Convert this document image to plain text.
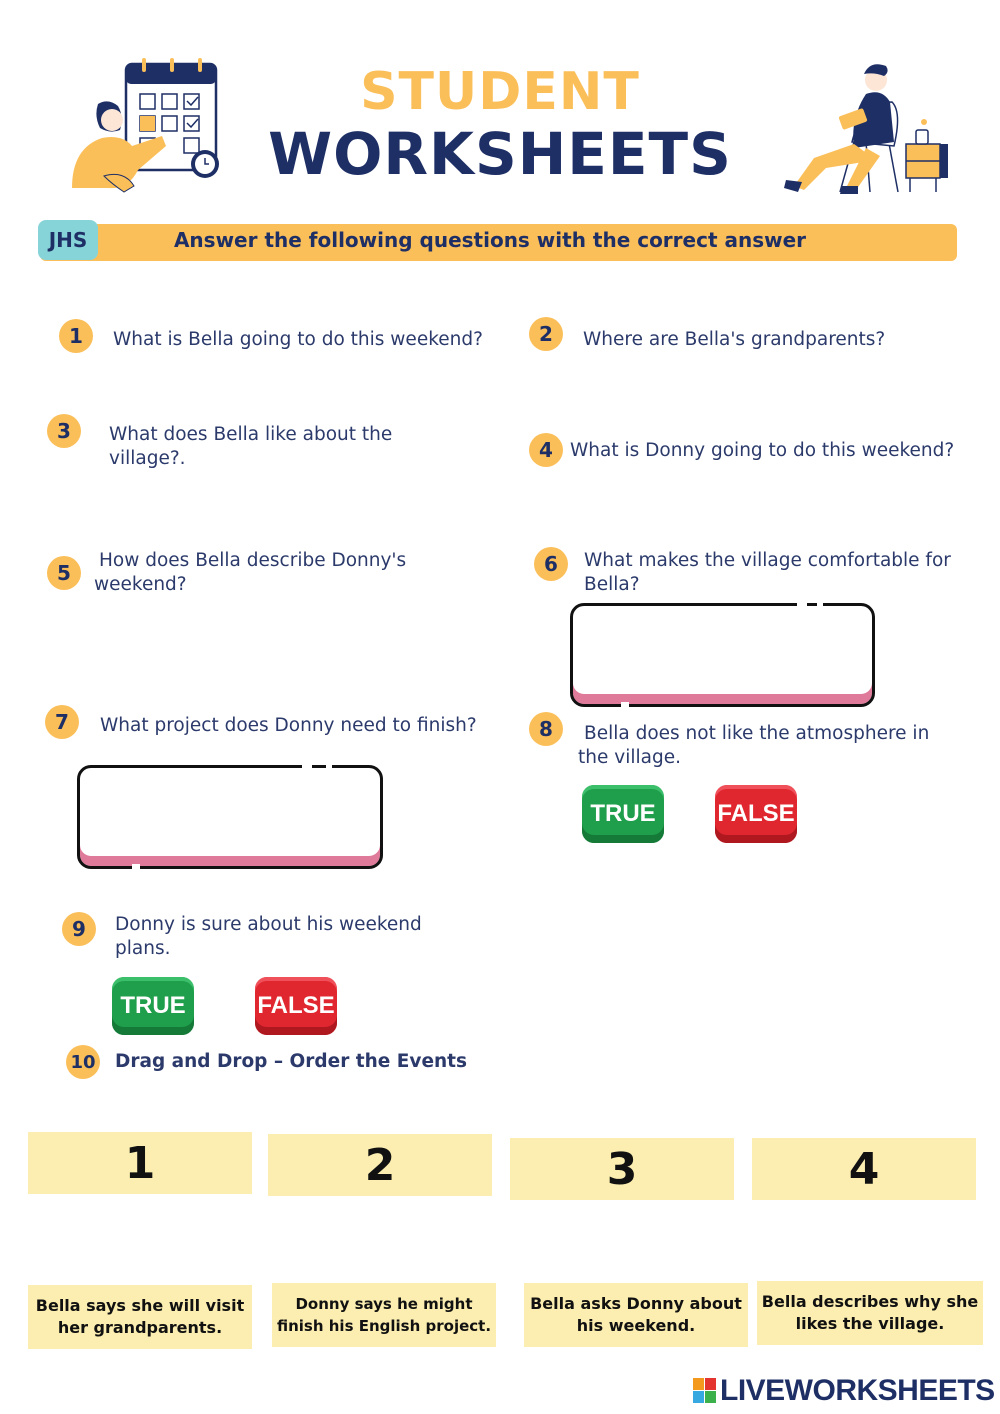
STUDENT
WORKSHEETS
JHS	Answer the following questions with the correct answer
1	What is Bella going to do this weekend?	2	Where are Bella's grandparents?
3	What does Bella like about the village?.	4 What is Donny going to do this weekend?
5
How does Bella describe Donny's weekend?
6	What makes the village comfortable for Bella?
7	What project does Donny need to finish?	8	Bella does not like the atmosphere in the village.
TRUE	FALSE
9	Donny is sure about his weekend plans.
TRUE	FALSE
10 Drag and Drop – Order the Events
1	2	3	4
Bella says she will visit her grandparents.
Donny says he might finish his English project.
Bella asks Donny about his weekend.
Bella describes why she likes the village.
LIVEWORKSHEETS
